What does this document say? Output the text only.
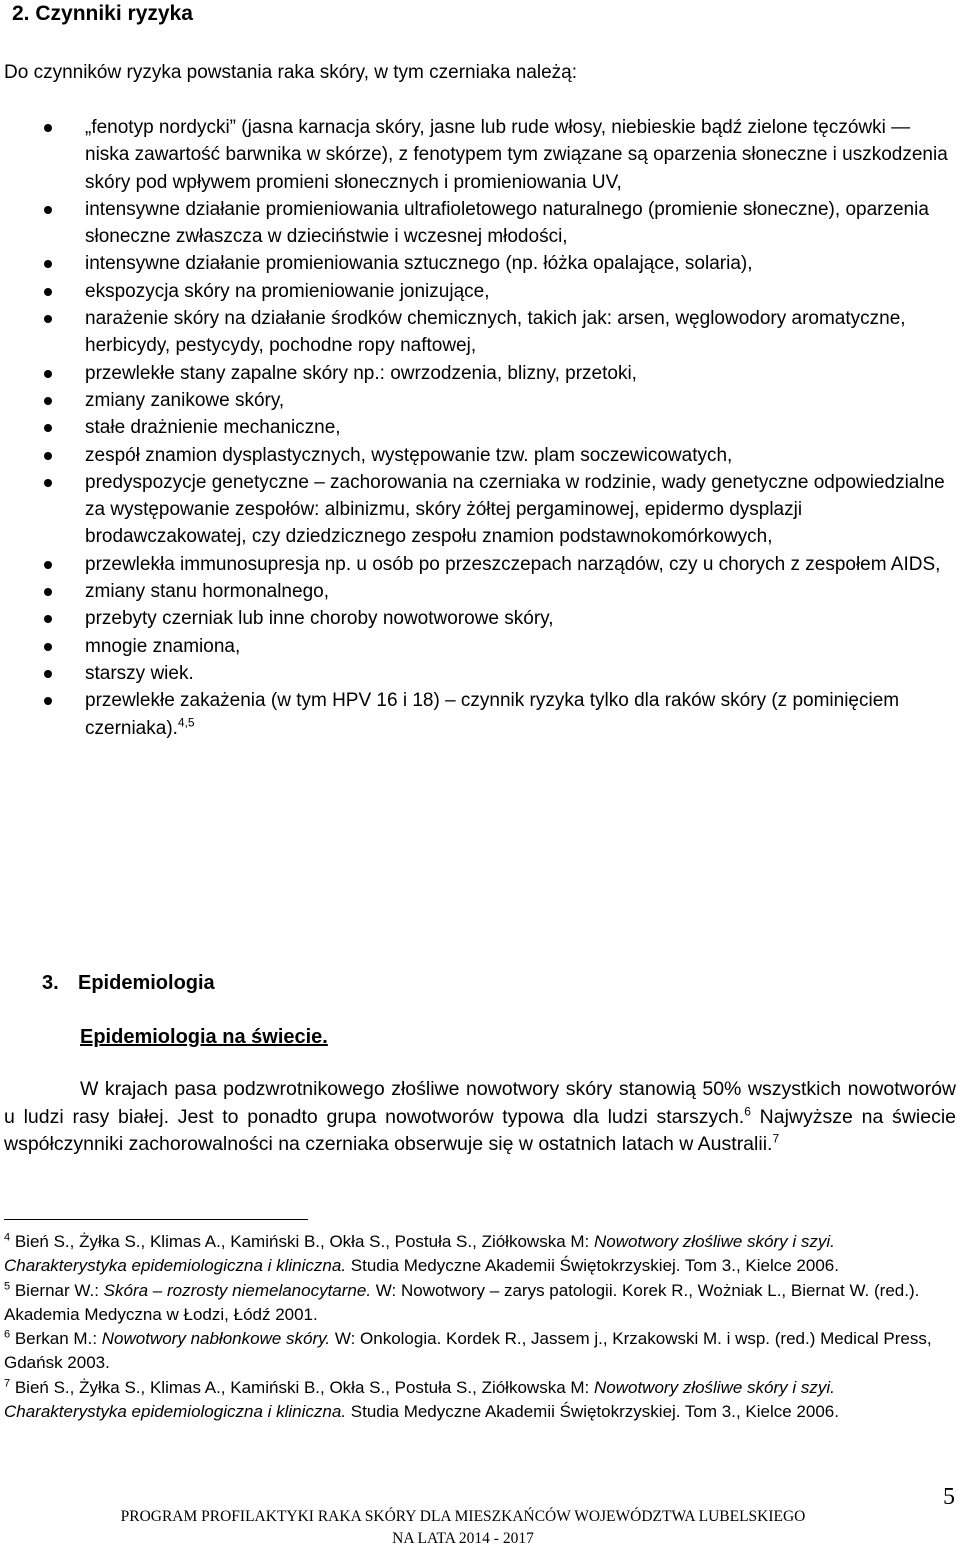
2. Czynniki ryzyka

Do czynników ryzyka powstania raka skóry, w tym czerniaka należą:

„fenotyp nordycki” (jasna karnacja skóry, jasne lub rude włosy, niebieskie bądź zielone tęczówki — niska zawartość barwnika w skórze), z fenotypem tym związane są oparzenia słoneczne i uszkodzenia skóry pod wpływem promieni słonecznych i promieniowania UV,
intensywne działanie promieniowania ultrafioletowego naturalnego (promienie słoneczne), oparzenia słoneczne zwłaszcza w dzieciństwie i wczesnej młodości,
intensywne działanie promieniowania sztucznego (np. łóżka opalające, solaria),
ekspozycja skóry na promieniowanie jonizujące,
narażenie skóry na działanie środków chemicznych, takich jak: arsen, węglowodory aromatyczne, herbicydy, pestycydy, pochodne ropy naftowej,
przewlekłe stany zapalne skóry np.: owrzodzenia, blizny, przetoki,
zmiany zanikowe skóry,
stałe drażnienie mechaniczne,
zespół znamion dysplastycznych, występowanie tzw. plam soczewicowatych,
predyspozycje genetyczne – zachorowania na czerniaka w rodzinie, wady genetyczne odpowiedzialne za występowanie zespołów: albinizmu, skóry żółtej pergaminowej, epidermo dysplazji brodawczakowatej, czy dziedzicznego zespołu znamion podstawnokomórkowych,
przewlekła immunosupresja np. u osób po przeszczepach narządów, czy u chorych z zespołem AIDS,
zmiany stanu hormonalnego,
przebyty czerniak lub inne choroby nowotworowe skóry,
mnogie znamiona,
starszy wiek.
przewlekłe zakażenia (w tym HPV 16 i 18) – czynnik ryzyka tylko dla raków skóry (z pominięciem czerniaka).$^{4,5}$
3. Epidemiologia

Epidemiologia na świecie.

W krajach pasa podzwrotnikowego złośliwe nowotwory skóry stanowią 50% wszystkich nowotworów u ludzi rasy białej. Jest to ponadto grupa nowotworów typowa dla ludzi starszych.$^6$ Najwyższe na świecie współczynniki zachorowalności na czerniaka obserwuje się w ostatnich latach w Australii.$^7$

$^4$ Bień S., Żyłka S., Klimas A., Kamiński B., Okła S., Postuła S., Ziółkowska M: Nowotwory złośliwe skóry i szyi. Charakterystyka epidemiologiczna i kliniczna. Studia Medyczne Akademii Świętokrzyskiej. Tom 3., Kielce 2006.

$^5$ Biernar W.: Skóra – rozrosty niemelanocytarne. W: Nowotwory – zarys patologii. Korek R., Wożniak L., Biernat W. (red.). Akademia Medyczna w Łodzi, Łódź 2001.

$^6$ Berkan M.: Nowotwory nabłonkowe skóry. W: Onkologia. Kordek R., Jassem j., Krzakowski M. i wsp. (red.) Medical Press, Gdańsk 2003.

$^7$ Bień S., Żyłka S., Klimas A., Kamiński B., Okła S., Postuła S., Ziółkowska M: Nowotwory złośliwe skóry i szyi. Charakterystyka epidemiologiczna i kliniczna. Studia Medyczne Akademii Świętokrzyskiej. Tom 3., Kielce 2006.

5
PROGRAM PROFILAKTYKI RAKA SKÓRY DLA MIESZKAŃCÓW WOJEWÓDZTWA LUBELSKIEGO
NA LATA 2014 - 2017
